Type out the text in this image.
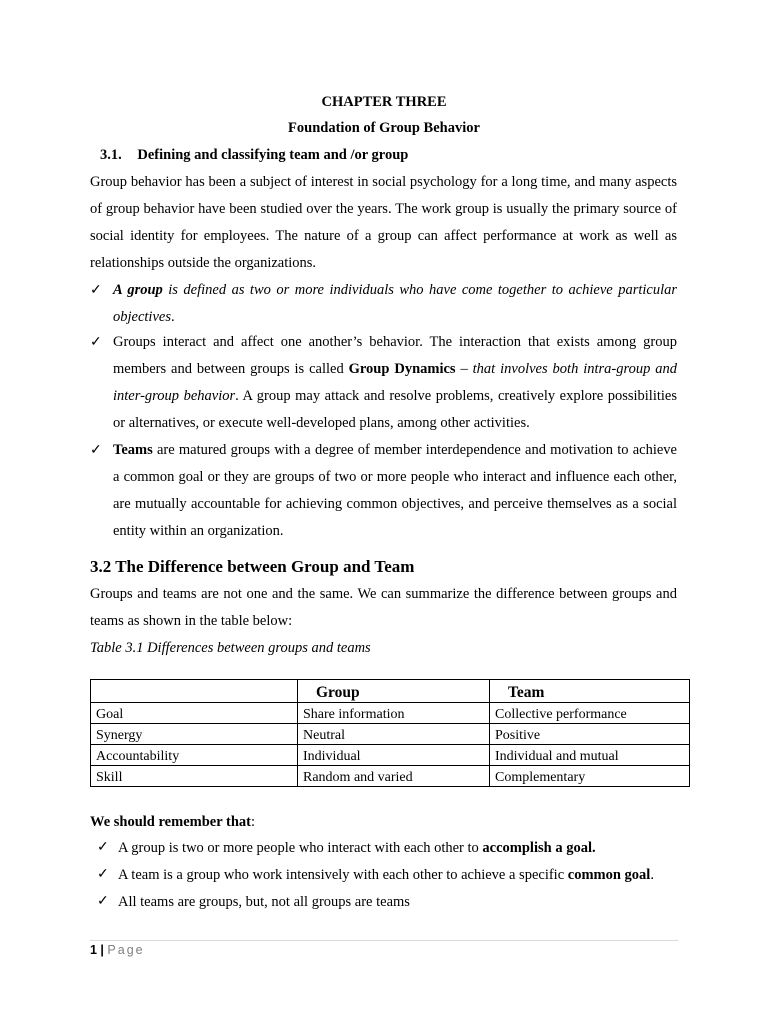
CHAPTER THREE
Foundation of Group Behavior
3.1. Defining and classifying team and /or group
Group behavior has been a subject of interest in social psychology for a long time, and many aspects of group behavior have been studied over the years. The work group is usually the primary source of social identity for employees. The nature of a group can affect performance at work as well as relationships outside the organizations.
✓ A group is defined as two or more individuals who have come together to achieve particular objectives.
✓ Groups interact and affect one another’s behavior. The interaction that exists among group members and between groups is called Group Dynamics – that involves both intra-group and inter-group behavior. A group may attack and resolve problems, creatively explore possibilities or alternatives, or execute well-developed plans, among other activities.
✓ Teams are matured groups with a degree of member interdependence and motivation to achieve a common goal or they are groups of two or more people who interact and influence each other, are mutually accountable for achieving common objectives, and perceive themselves as a social entity within an organization.
3.2 The Difference between Group and Team
Groups and teams are not one and the same. We can summarize the difference between groups and teams as shown in the table below:
Table 3.1 Differences between groups and teams
	Group	Team
Goal	Share information	Collective performance
Synergy	Neutral	Positive
Accountability	Individual	Individual and mutual
Skill	Random and varied	Complementary
We should remember that:
✓ A group is two or more people who interact with each other to accomplish a goal.
✓ A team is a group who work intensively with each other to achieve a specific common goal.
✓ All teams are groups, but, not all groups are teams
1 | Page
